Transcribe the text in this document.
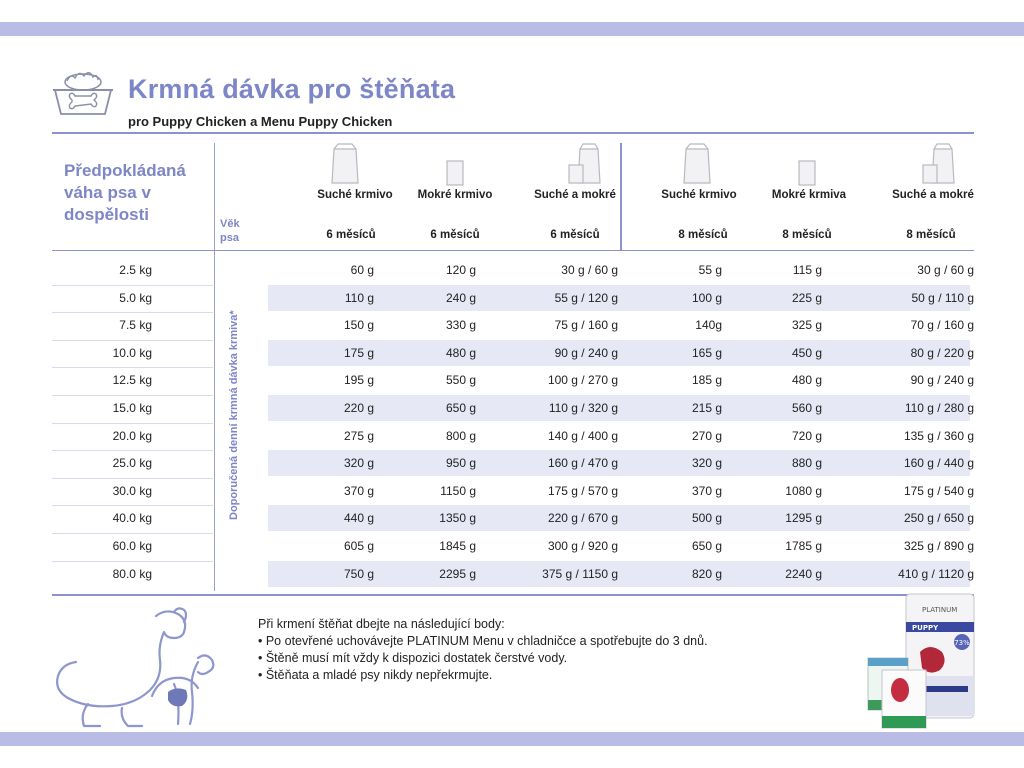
Krmná dávka pro štěňata
pro Puppy Chicken a Menu Puppy Chicken
Předpokládaná váha psa v dospělosti	Věk psa
Suché krmivo	Mokré krmivo	Suché a mokré	Suché krmivo	Mokré krmiva	Suché a mokré
6 měsíců	6 měsíců	6 měsíců	8 měsíců	8 měsíců	8 měsíců
Doporučená denní krmná dávka krmiva*
2.5 kg	60 g	120 g	30 g / 60 g	55 g	115 g	30 g / 60 g
5.0 kg	110 g	240 g	55 g / 120 g	100 g	225 g	50 g / 110 g
7.5 kg	150 g	330 g	75 g / 160 g	140g	325 g	70 g / 160 g
10.0 kg	175 g	480 g	90 g / 240 g	165 g	450 g	80 g / 220 g
12.5 kg	195 g	550 g	100 g / 270 g	185 g	480 g	90 g / 240 g
15.0 kg	220 g	650 g	110 g / 320 g	215 g	560 g	110 g / 280 g
20.0 kg	275 g	800 g	140 g / 400 g	270 g	720 g	135 g / 360 g
25.0 kg	320 g	950 g	160 g / 470 g	320 g	880 g	160 g / 440 g
30.0 kg	370 g	1150 g	175 g / 570 g	370 g	1080 g	175 g / 540 g
40.0 kg	440 g	1350 g	220 g / 670 g	500 g	1295 g	250 g / 650 g
60.0 kg	605 g	1845 g	300 g / 920 g	650 g	1785 g	325 g / 890 g
80.0 kg	750 g	2295 g	375 g / 1150 g	820 g	2240 g	410 g / 1120 g
Při krmení štěňat dbejte na následující body:
• Po otevřené uchovávejte PLATINUM Menu v chladničce a spotřebujte do 3 dnů.
• Štěně musí mít vždy k dispozici dostatek čerstvé vody.
• Štěňata a mladé psy nikdy nepřekrmujte.
73%
PLATINUM
PUPPY
